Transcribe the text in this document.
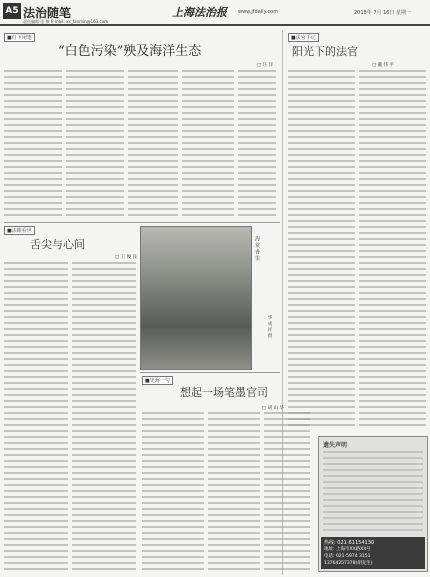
A5 法治随笔
责任编辑 范 敏 E-mail: xx_fanmin@163.com
上海法治报 www.jfdaily.com	2018年 7月 16日 星期一
■灯下闲笔
“白色污染”殃及海洋生态
□ 汪 洋
■法官手记
阳光下的法官
□ 戴 伟 平
■法眼看世
舌尖与心间
□ 王 俊 良	海 棠 香 里
华 成 祥 摄
■史海一勺
想起一场笔墨官司
□ 胡 山 华
遗失声明
热线: 021-61154130
地址: 上海市XX路XX号
电话: 021-5974 3151
13764257378(胡先生)
